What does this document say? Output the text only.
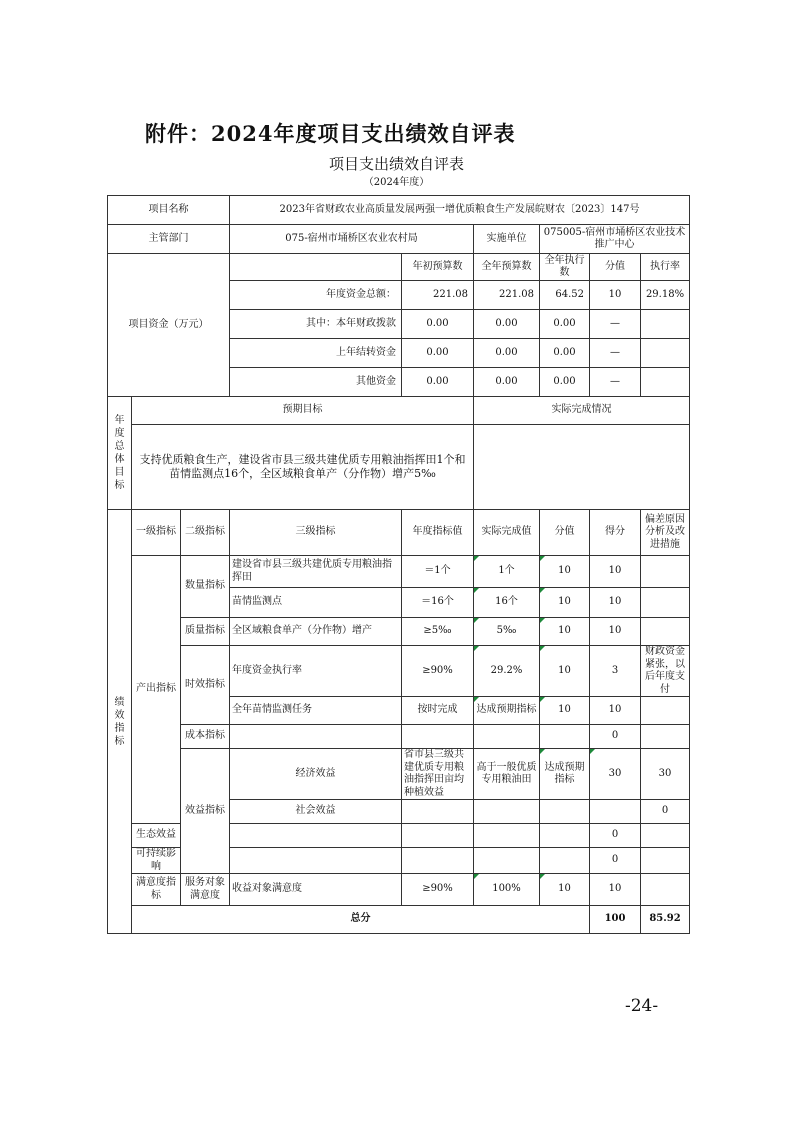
附件：2024年度项目支出绩效自评表
项目支出绩效自评表
（2024年度）
项目名称			2023年省财政农业高质量发展两强一增优质粮食生产发展皖财农〔2023〕147号						
主管部门			075-宿州市埇桥区农业农村局		实施单位	075005-宿州市埇桥区农业技术推广中心			
项目资金（万元）				年初预算数	全年预算数	全年执行数	分值	执行率	
			年度资金总额：	221.08	221.08	64.52	10	29.18%	
			其中：本年财政拨款	0.00	0.00	0.00	—		
			上年结转资金	0.00	0.00	0.00	—		
			其他资金	0.00	0.00	0.00	—		
年度总体目标	预期目标				实际完成情况				
	支持优质粮食生产，建设省市县三级共建优质专用粮油指挥田1个和苗情监测点16个，全区域粮食单产（分作物）增产5‰								
绩效指标	一级指标	二级指标	三级指标	年度指标值	实际完成值	分值	得分	偏差原因分析及改进措施	
	产出指标	数量指标	建设省市县三级共建优质专用粮油指挥田	＝1个	1个	10	10		
			苗情监测点	＝16个	16个	10	10		
		质量指标	全区域粮食单产（分作物）增产	≥5‰	5‰	10	10		
		时效指标	年度资金执行率	≥90%	29.2%	10	3	财政资金紧张，以后年度支付	
			全年苗情监测任务	按时完成	达成预期指标	10	10		
		成本指标					0		
		效益指标	经济效益	省市县三级共建优质专用粮油指挥田亩均种植效益	高于一般优质专用粮油田	达成预期指标	30	30	
			社会效益					0	
	生态效益						0		
	可持续影响						0		
	满意度指标	服务对象满意度	收益对象满意度	≥90%	100%	10	10		
	总分						100	85.92	
-24-
